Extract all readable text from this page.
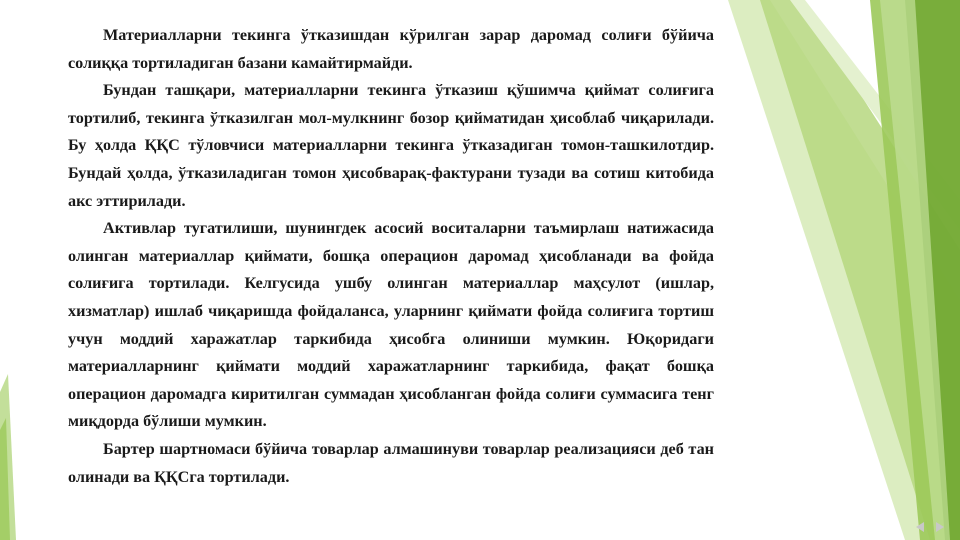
Материалларни текинга ўтказишдан кўрилган зарар даромад солиғи бўйича солиққа тортиладиган базани камайтирмайди.

Бундан ташқари, материалларни текинга ўтказиш қўшимча қиймат солиғига тортилиб, текинга ўтказилган мол-мулкнинг бозор қийматидан ҳисоблаб чиқарилади. Бу ҳолда ҚҚС тўловчиси материалларни текинга ўтказадиган томон-ташкилотдир. Бундай ҳолда, ўтказиладиган томон ҳисобварақ-фактурани тузади ва сотиш китобида акс эттирилади.

Активлар тугатилиши, шунингдек асосий воситаларни таъмирлаш натижасида олинган материаллар қиймати, бошқа операцион даромад ҳисобланади ва фойда солиғига тортилади. Келгусида ушбу олинган материаллар маҳсулот (ишлар, хизматлар) ишлаб чиқаришда фойдаланса, уларнинг қиймати фойда солиғига тортиш учун моддий харажатлар таркибида ҳисобга олиниши мумкин. Юқоридаги материалларнинг қиймати моддий харажатларнинг таркибида, фақат бошқа операцион даромадга киритилган суммадан ҳисобланган фойда солиғи суммасига тенг миқдорда бўлиши мумкин.

Бартер шартномаси бўйича товарлар алмашинуви товарлар реализацияси деб тан олинади ва ҚҚСга тортилади.
